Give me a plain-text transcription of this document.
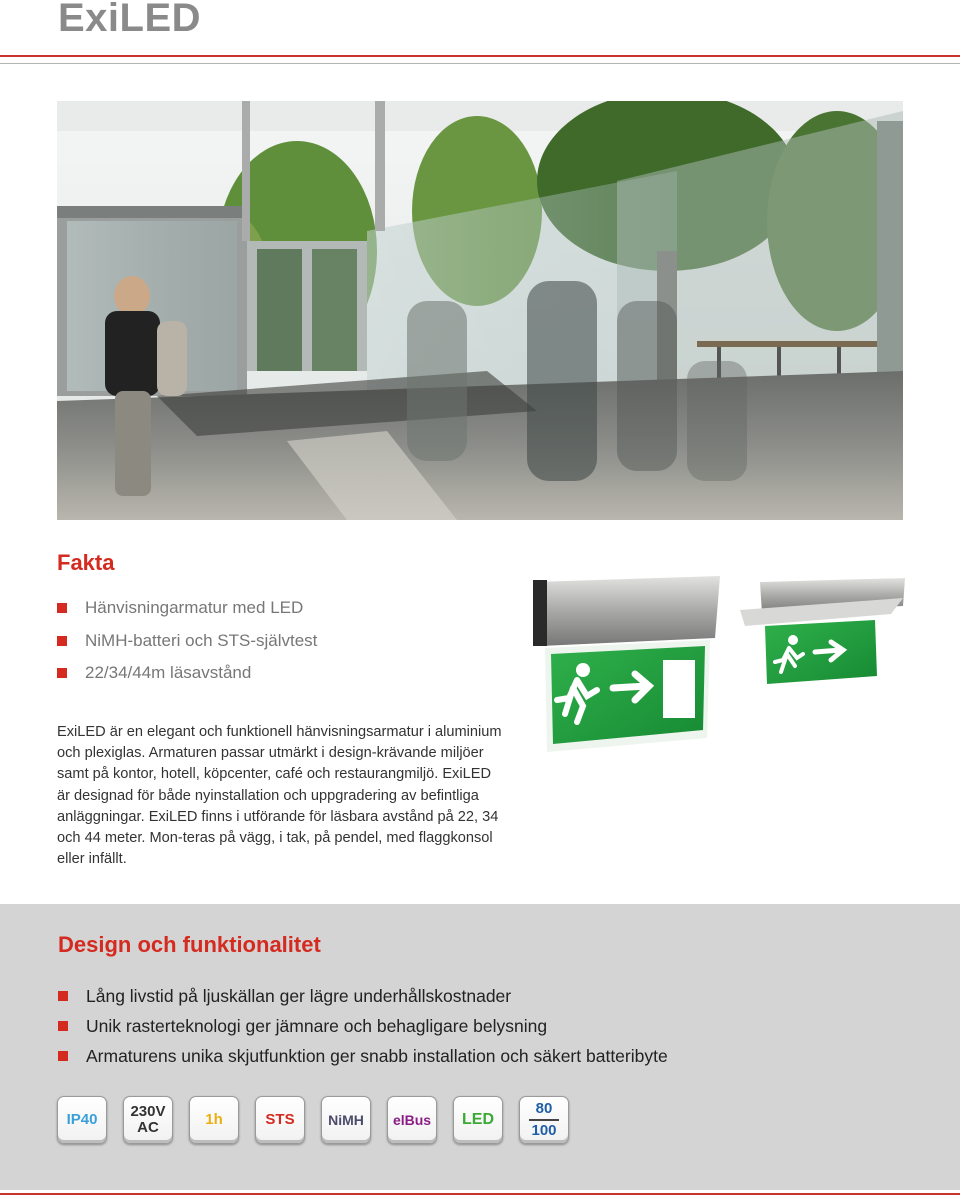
ExiLED
Fakta
Hänvisningarmatur med LED
NiMH-batteri och STS-självtest
22/34/44m läsavstånd

ExiLED är en elegant och funktionell hänvisningsarmatur i aluminium och plexiglas. Armaturen passar utmärkt i design-krävande miljöer samt på kontor, hotell, köpcenter, café och restaurangmiljö. ExiLED är designad för både nyinstallation och uppgradering av befintliga anläggningar. ExiLED finns i utförande för läsbara avstånd på 22, 34 och 44 meter. Mon-teras på vägg, i tak, på pendel, med flaggkonsol eller infällt.

Design och funktionalitet
Lång livstid på ljuskällan ger lägre underhållskostnader
Unik rasterteknologi ger jämnare och behagligare belysning
Armaturens unika skjutfunktion ger snabb installation och säkert batteribyte
IP40 230V
AC	1h	STS NiMH elBus LED
80
100
